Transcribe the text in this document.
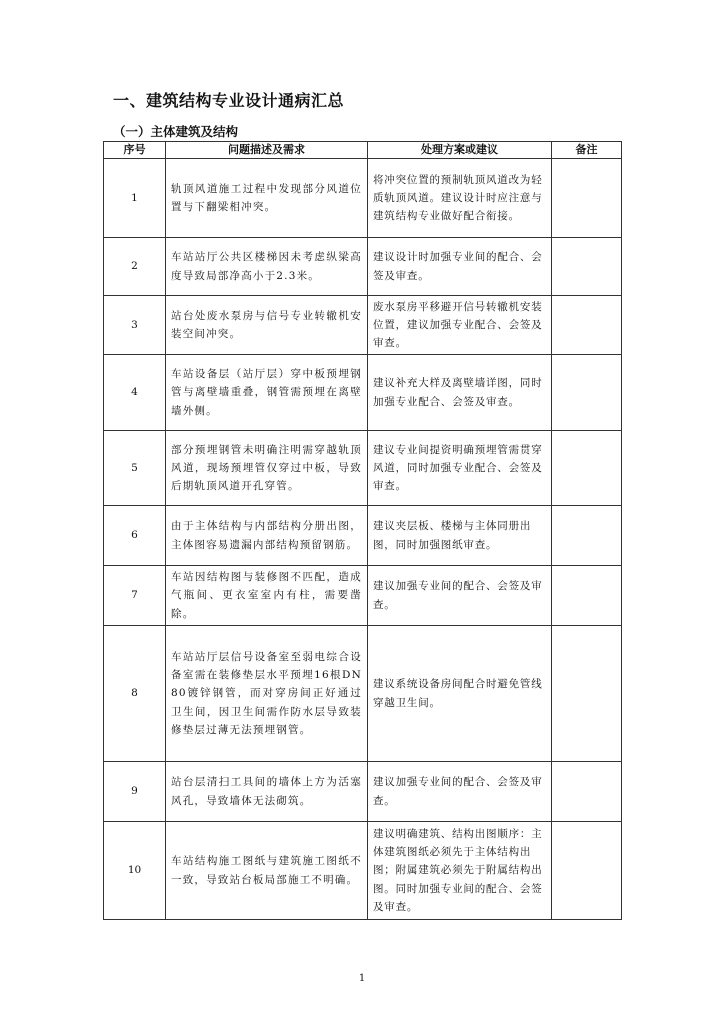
一、建筑结构专业设计通病汇总
（一）主体建筑及结构
序号	问题描述及需求	处理方案或建议	备注
1	轨顶风道施工过程中发现部分风道位置与下翻梁相冲突。	将冲突位置的预制轨顶风道改为轻质轨顶风道。建议设计时应注意与建筑结构专业做好配合衔接。	
2	车站站厅公共区楼梯因未考虑纵梁高度导致局部净高小于2.3米。	建议设计时加强专业间的配合、会签及审查。	
3	站台处废水泵房与信号专业转辙机安装空间冲突。	废水泵房平移避开信号转辙机安装位置，建议加强专业配合、会签及审查。	
4	车站设备层（站厅层）穿中板预埋钢管与离壁墙重叠，钢管需预埋在离壁墙外侧。	建议补充大样及离壁墙详图，同时加强专业配合、会签及审查。	
5	部分预埋钢管未明确注明需穿越轨顶风道，现场预埋管仅穿过中板，导致后期轨顶风道开孔穿管。	建议专业间提资明确预埋管需贯穿风道，同时加强专业配合、会签及审查。	
6	由于主体结构与内部结构分册出图，主体图容易遗漏内部结构预留钢筋。	建议夹层板、楼梯与主体同册出图，同时加强图纸审查。	
7	车站因结构图与装修图不匹配，造成气瓶间、更衣室室内有柱，需要凿除。	建议加强专业间的配合、会签及审查。	
8	车站站厅层信号设备室至弱电综合设备室需在装修垫层水平预埋16根DN80镀锌钢管，而对穿房间正好通过卫生间，因卫生间需作防水层导致装修垫层过薄无法预埋钢管。	建议系统设备房间配合时避免管线穿越卫生间。	
9	站台层清扫工具间的墙体上方为活塞风孔，导致墙体无法砌筑。	建议加强专业间的配合、会签及审查。	
10	车站结构施工图纸与建筑施工图纸不一致，导致站台板局部施工不明确。	建议明确建筑、结构出图顺序：主体建筑图纸必须先于主体结构出图；附属建筑必须先于附属结构出图。同时加强专业间的配合、会签及审查。	
1
